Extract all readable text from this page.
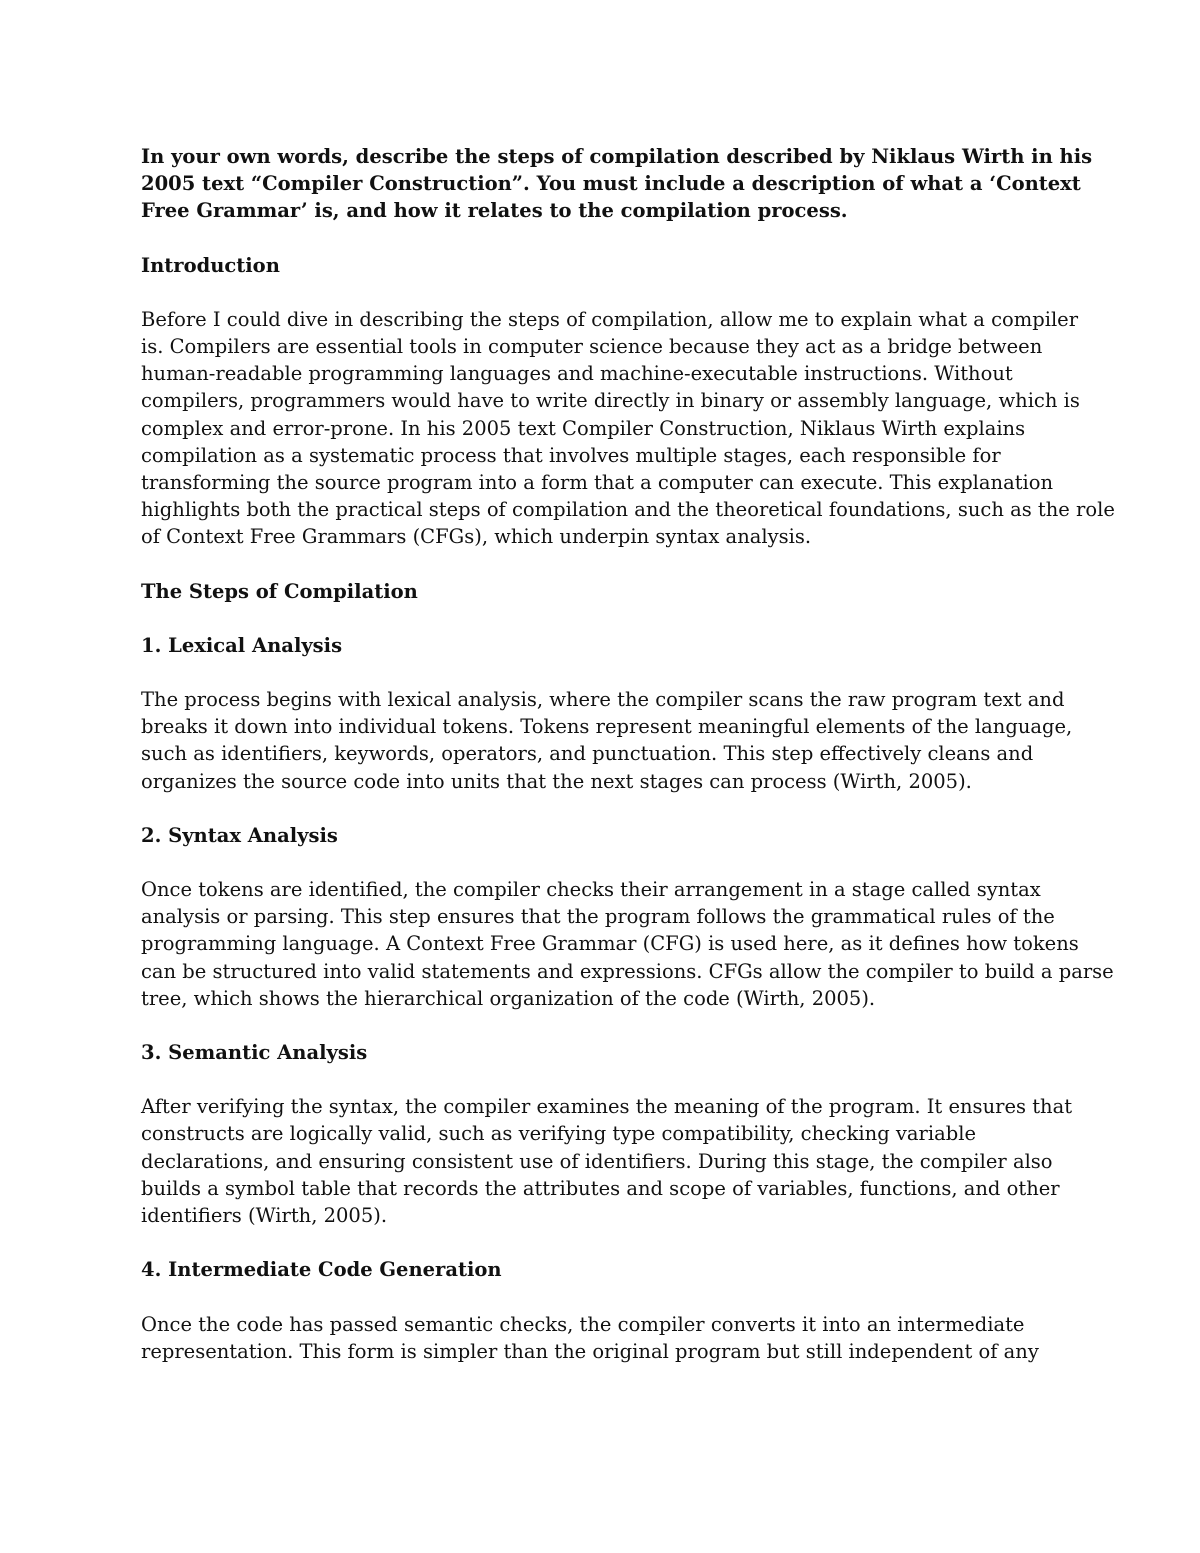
In your own words, describe the steps of compilation described by Niklaus Wirth in his
2005 text “Compiler Construction”. You must include a description of what a ‘Context
Free Grammar’ is, and how it relates to the compilation process.
Introduction
Before I could dive in describing the steps of compilation, allow me to explain what a compiler
is. Compilers are essential tools in computer science because they act as a bridge between
human-readable programming languages and machine-executable instructions. Without
compilers, programmers would have to write directly in binary or assembly language, which is
complex and error-prone. In his 2005 text Compiler Construction, Niklaus Wirth explains
compilation as a systematic process that involves multiple stages, each responsible for
transforming the source program into a form that a computer can execute. This explanation
highlights both the practical steps of compilation and the theoretical foundations, such as the role
of Context Free Grammars (CFGs), which underpin syntax analysis.
The Steps of Compilation
1. Lexical Analysis
The process begins with lexical analysis, where the compiler scans the raw program text and
breaks it down into individual tokens. Tokens represent meaningful elements of the language,
such as identifiers, keywords, operators, and punctuation. This step effectively cleans and
organizes the source code into units that the next stages can process (Wirth, 2005).
2. Syntax Analysis
Once tokens are identified, the compiler checks their arrangement in a stage called syntax
analysis or parsing. This step ensures that the program follows the grammatical rules of the
programming language. A Context Free Grammar (CFG) is used here, as it defines how tokens
can be structured into valid statements and expressions. CFGs allow the compiler to build a parse
tree, which shows the hierarchical organization of the code (Wirth, 2005).
3. Semantic Analysis
After verifying the syntax, the compiler examines the meaning of the program. It ensures that
constructs are logically valid, such as verifying type compatibility, checking variable
declarations, and ensuring consistent use of identifiers. During this stage, the compiler also
builds a symbol table that records the attributes and scope of variables, functions, and other
identifiers (Wirth, 2005).
4. Intermediate Code Generation
Once the code has passed semantic checks, the compiler converts it into an intermediate
representation. This form is simpler than the original program but still independent of any
